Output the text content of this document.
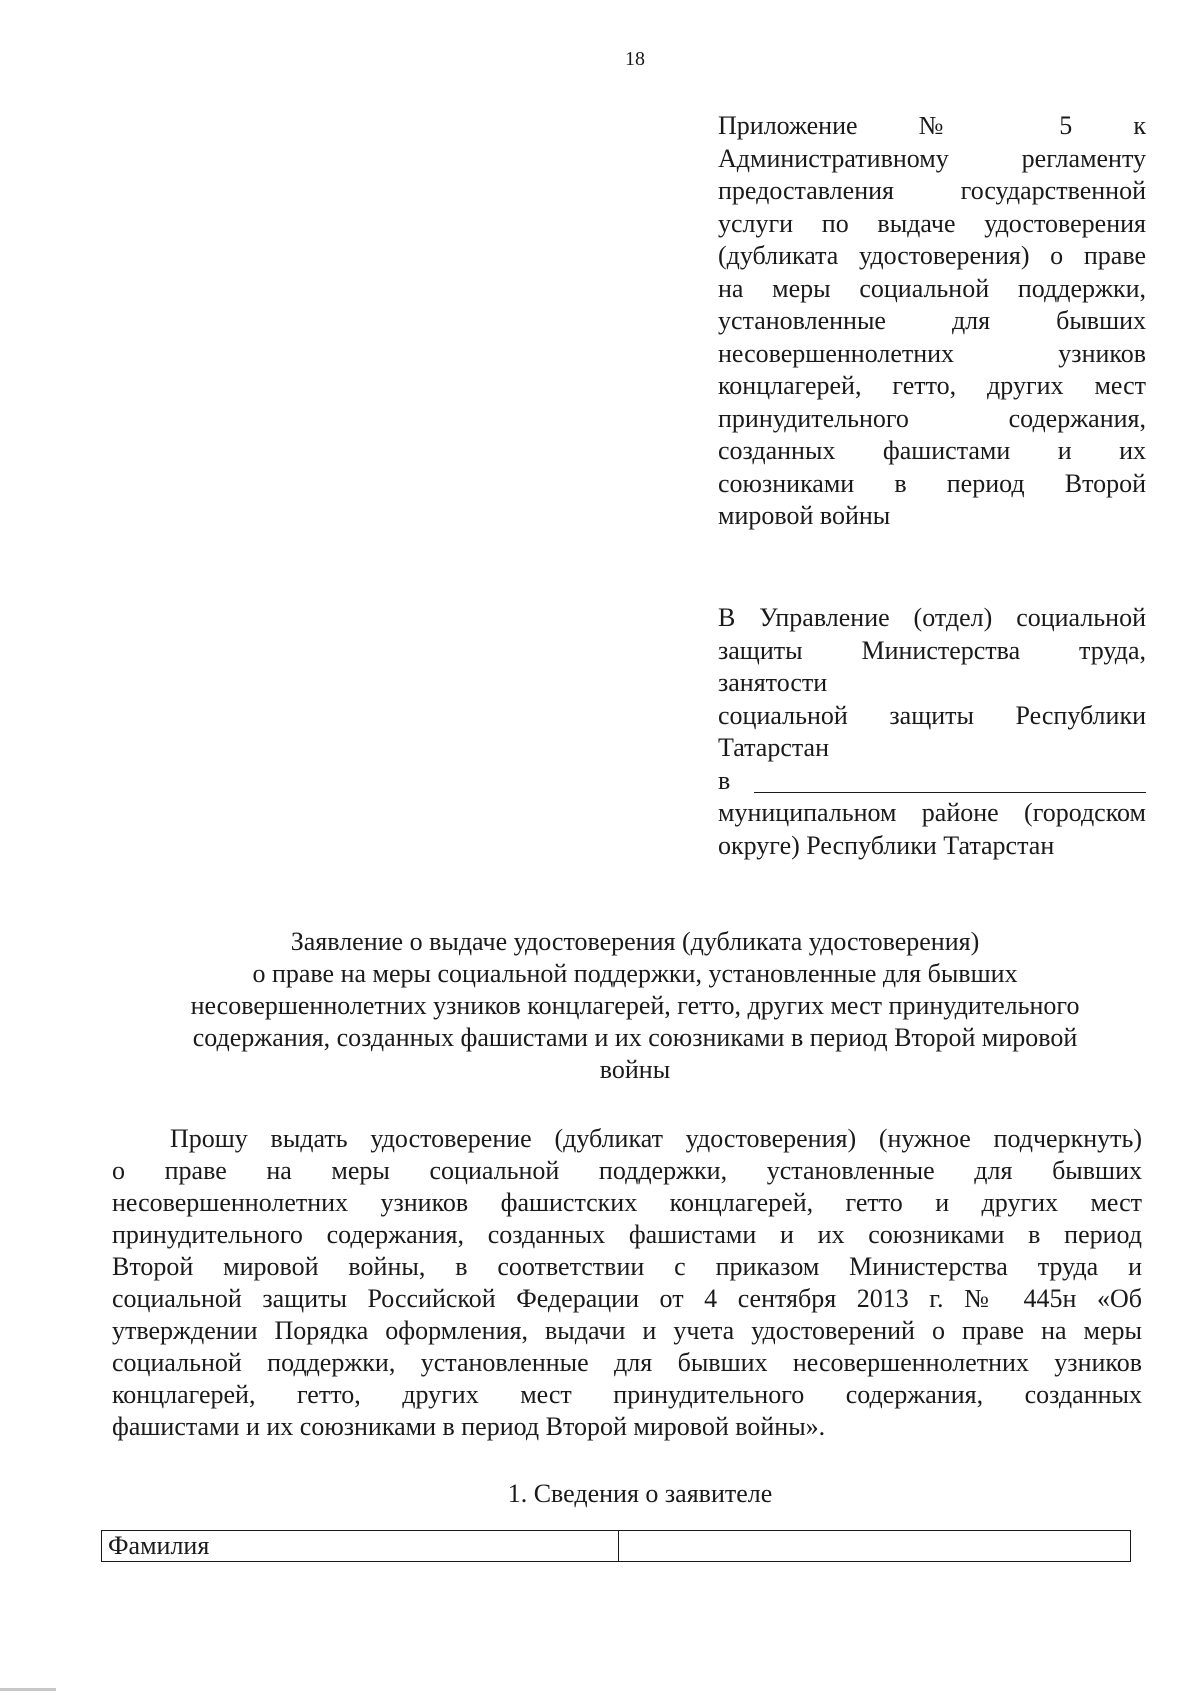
18
Приложение № 5 к
Административному регламенту
предоставления государственной
услуги по выдаче удостоверения
(дубликата удостоверения) о праве
на меры социальной поддержки,
установленные для бывших
несовершеннолетних узников
концлагерей, гетто, других мест
принудительного содержания,
созданных фашистами и их
союзниками в период Второй
мировой войны
В Управление (отдел) социальной
защиты Министерства труда,
занятости
социальной защиты Республики
Татарстан
в
муниципальном районе (городском
округе) Республики Татарстан
Заявление о выдаче удостоверения (дубликата удостоверения)
о праве на меры социальной поддержки, установленные для бывших
несовершеннолетних узников концлагерей, гетто, других мест принудительного
содержания, созданных фашистами и их союзниками в период Второй мировой
войны
Прошу выдать удостоверение (дубликат удостоверения) (нужное подчеркнуть)
о праве на меры социальной поддержки, установленные для бывших
несовершеннолетних узников фашистских концлагерей, гетто и других мест
принудительного содержания, созданных фашистами и их союзниками в период
Второй мировой войны, в соответствии с приказом Министерства труда и
социальной защиты Российской Федерации от 4 сентября 2013 г. № 445н «Об
утверждении Порядка оформления, выдачи и учета удостоверений о праве на меры
социальной поддержки, установленные для бывших несовершеннолетних узников
концлагерей, гетто, других мест принудительного содержания, созданных
фашистами и их союзниками в период Второй мировой войны».
1. Сведения о заявителе
Фамилия	
